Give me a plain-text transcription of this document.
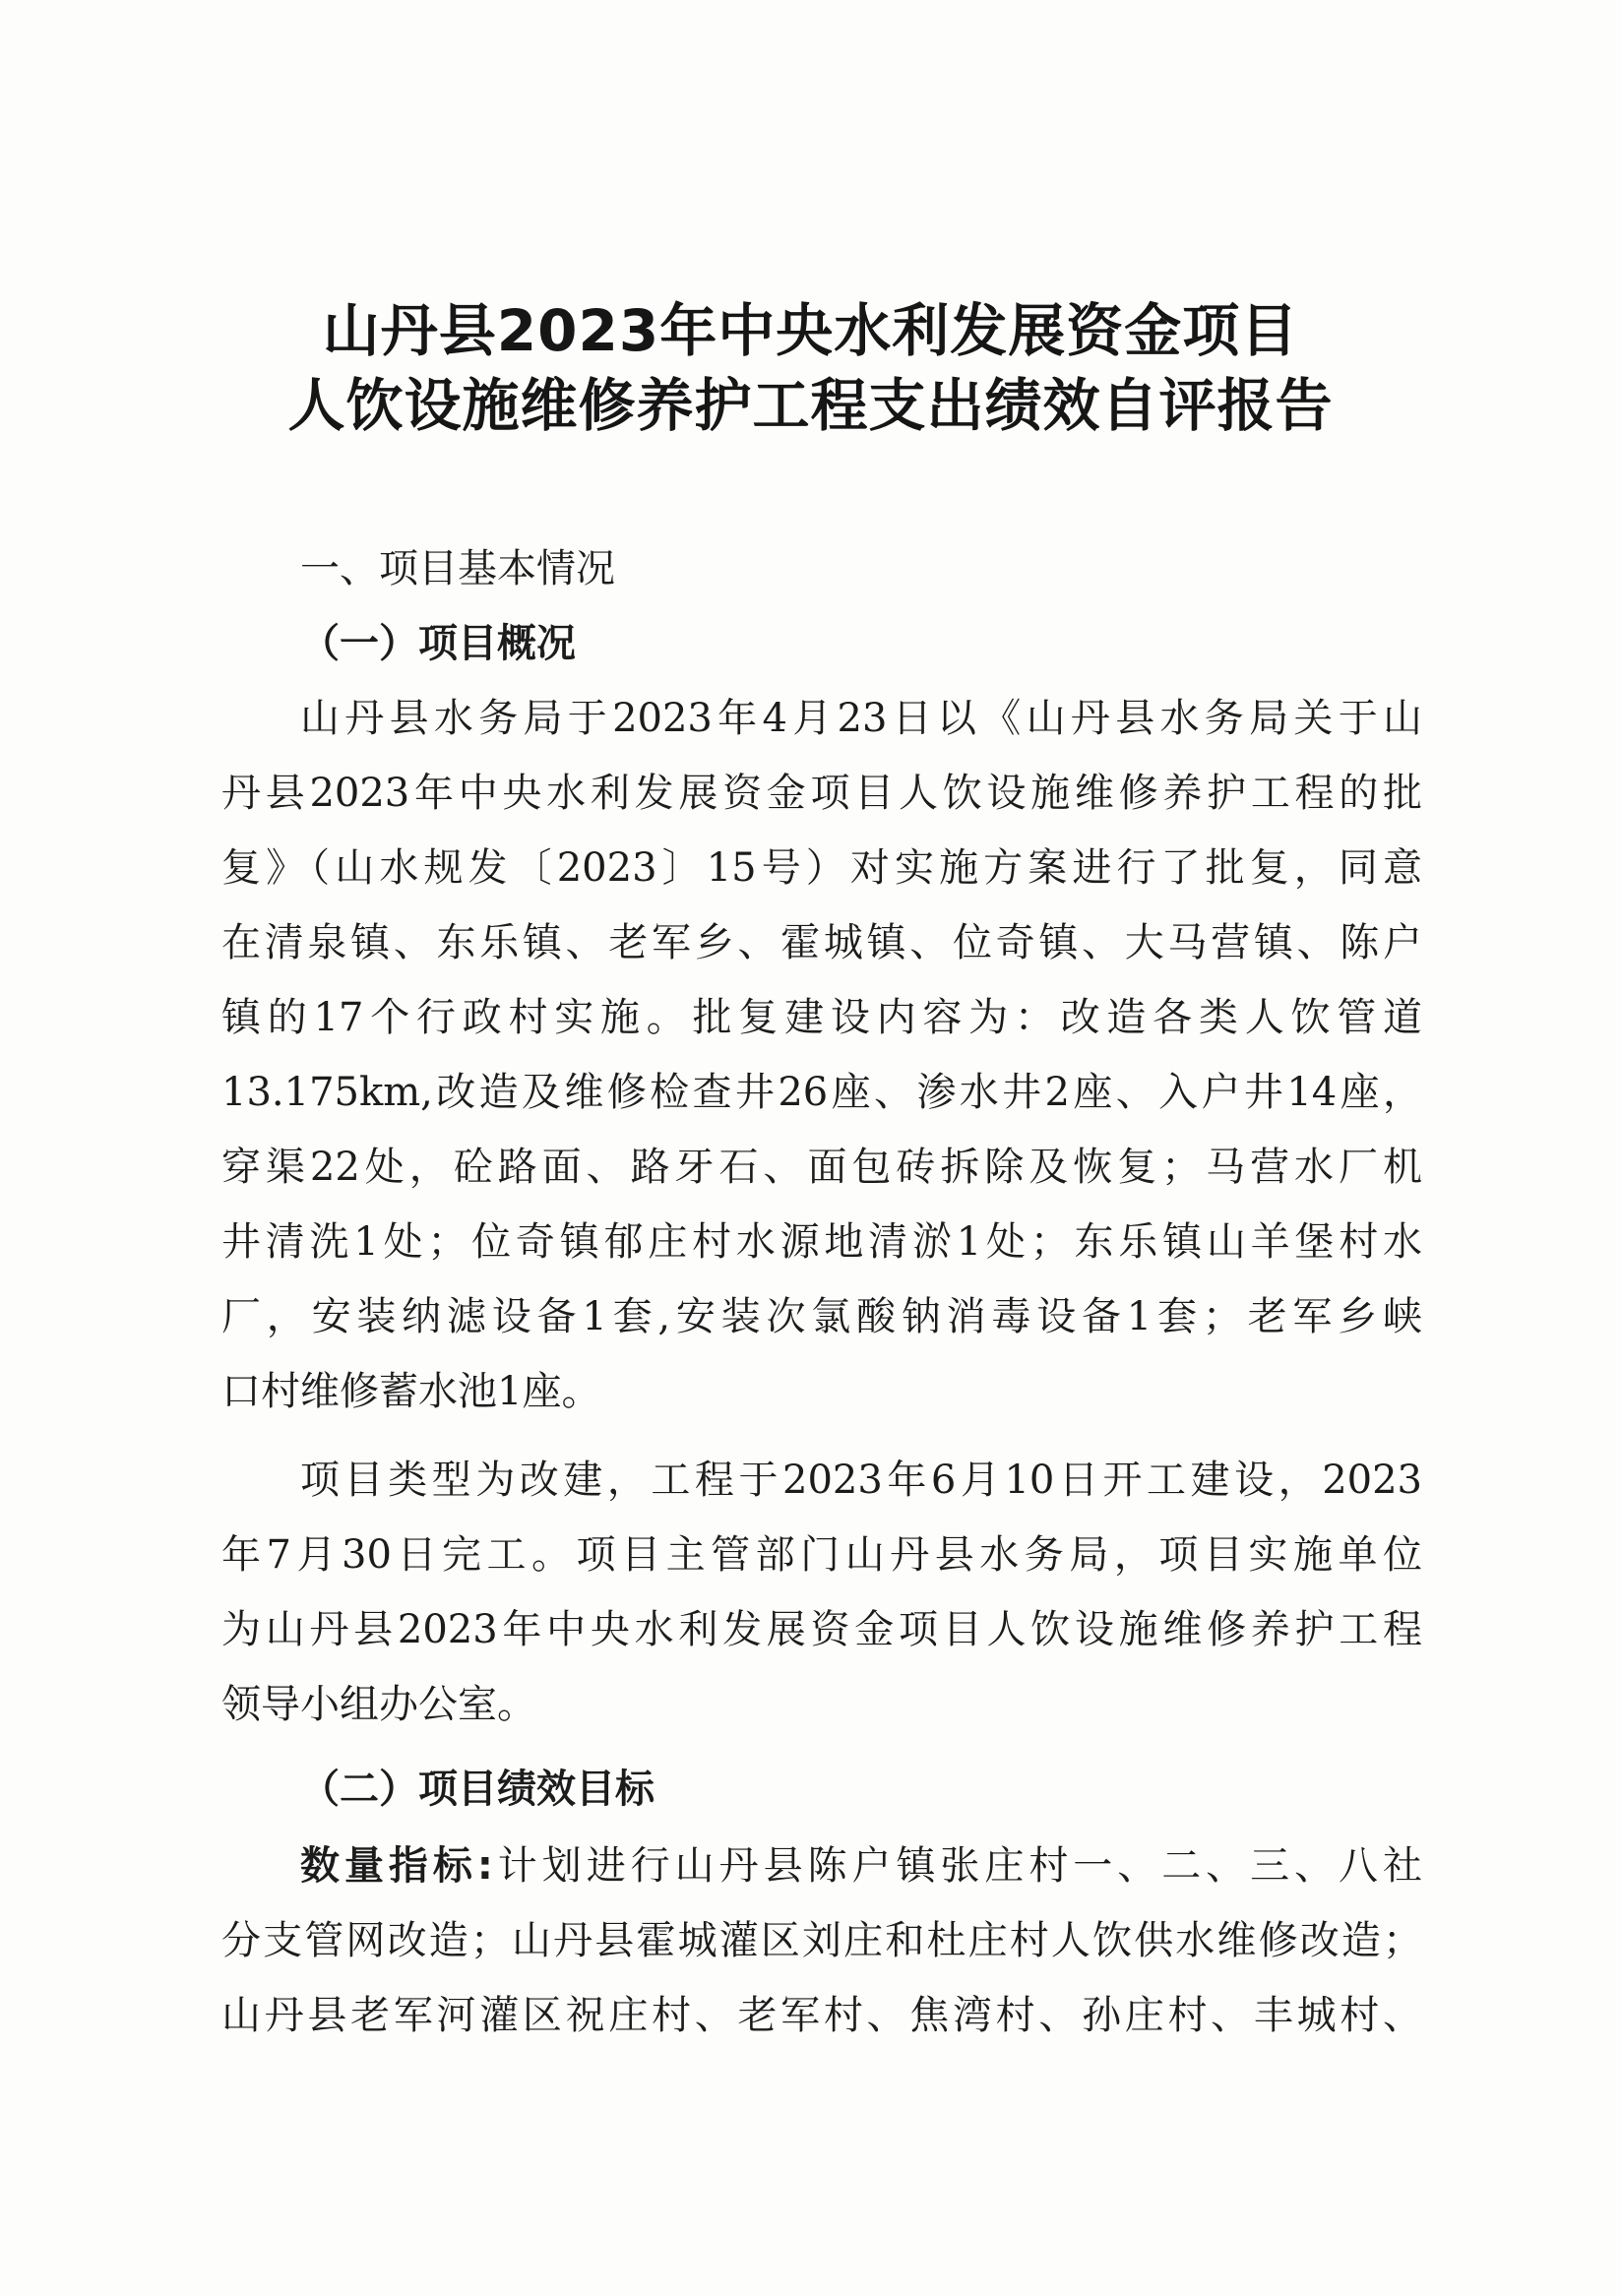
山丹县2023年中央水利发展资金项目
人饮设施维修养护工程支出绩效自评报告
一、项目基本情况
（一）项目概况
山丹县水务局于2023年4月23日以《山丹县水务局关于山
丹县2023年中央水利发展资金项目人饮设施维修养护工程的批
复》（山水规发〔2023〕15号）对实施方案进行了批复，同意
在清泉镇、东乐镇、老军乡、霍城镇、位奇镇、大马营镇、陈户
镇的17个行政村实施。批复建设内容为：改造各类人饮管道
13.175km,改造及维修检查井26座、渗水井2座、入户井14座，
穿渠22处，砼路面、路牙石、面包砖拆除及恢复；马营水厂机
井清洗1处；位奇镇郁庄村水源地清淤1处；东乐镇山羊堡村水
厂，安装纳滤设备1套,安装次氯酸钠消毒设备1套；老军乡峡
口村维修蓄水池1座。
项目类型为改建，工程于2023年6月10日开工建设，2023
年7月30日完工。项目主管部门山丹县水务局，项目实施单位
为山丹县2023年中央水利发展资金项目人饮设施维修养护工程
领导小组办公室。
（二）项目绩效目标
数量指标:计划进行山丹县陈户镇张庄村一、二、三、八社
分支管网改造；山丹县霍城灌区刘庄和杜庄村人饮供水维修改造；
山丹县老军河灌区祝庄村、老军村、焦湾村、孙庄村、丰城村、
